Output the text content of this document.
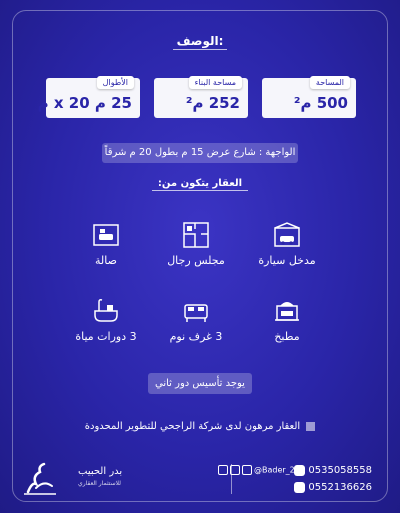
الوصف:
المساحة
500 م²
مساحة البناء
252 م²
الأطوال
25 م x 20 م
الواجهة : شارع عرض 15 م بطول 20 م شرقاً
العقار يتكون من:
مدخل سيارة
مجلس رجال
صالة
مطبخ
3 غرف نوم
3 دورات مياة
يوجد تأسيس دور ثاني
العقار مرهون لدى شركة الراجحي للتطوير المحدودة
0535058558
0552136626
@Bader_2b
بدر الحبيب
للاستثمار العقاري
